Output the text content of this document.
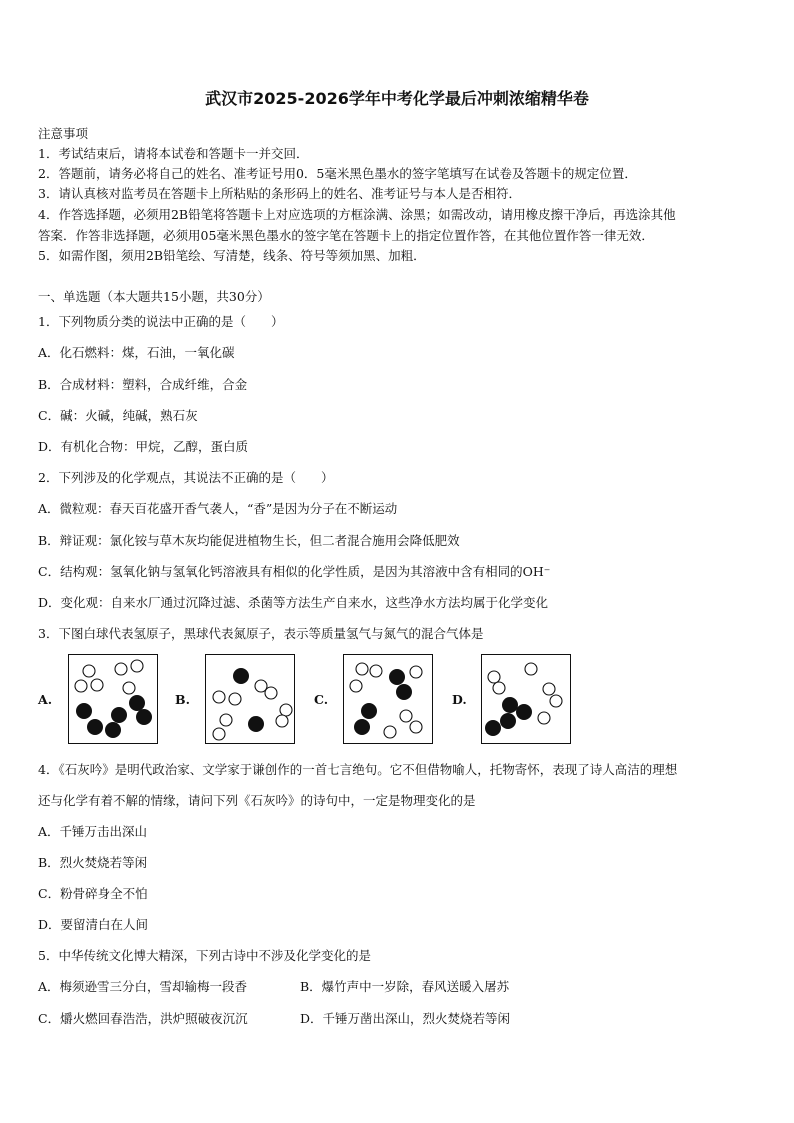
武汉市2025-2026学年中考化学最后冲刺浓缩精华卷
注意事项
1．考试结束后，请将本试卷和答题卡一并交回．
2．答题前，请务必将自己的姓名、准考证号用0．5毫米黑色墨水的签字笔填写在试卷及答题卡的规定位置．
3．请认真核对监考员在答题卡上所粘贴的条形码上的姓名、准考证号与本人是否相符．
4．作答选择题，必须用2B铅笔将答题卡上对应选项的方框涂满、涂黑；如需改动，请用橡皮擦干净后，再选涂其他
答案．作答非选择题，必须用05毫米黑色墨水的签字笔在答题卡上的指定位置作答，在其他位置作答一律无效．
5．如需作图，须用2B铅笔绘、写清楚，线条、符号等须加黑、加粗．
一、单选题（本大题共15小题，共30分）
1．下列物质分类的说法中正确的是（　　）
A．化石燃料：煤，石油，一氧化碳
B．合成材料：塑料，合成纤维，合金
C．碱：火碱，纯碱，熟石灰
D．有机化合物：甲烷，乙醇，蛋白质
2．下列涉及的化学观点，其说法不正确的是（　　）
A．微粒观：春天百花盛开香气袭人，“香”是因为分子在不断运动
B．辩证观：氯化铵与草木灰均能促进植物生长，但二者混合施用会降低肥效
C．结构观：氢氧化钠与氢氧化钙溶液具有相似的化学性质，是因为其溶液中含有相同的OH⁻
D．变化观：自来水厂通过沉降过滤、杀菌等方法生产自来水，这些净水方法均属于化学变化
3．下图白球代表氢原子，黑球代表氮原子，表示等质量氢气与氮气的混合气体是
A.	B.	C.	D.
4．《石灰吟》是明代政治家、文学家于谦创作的一首七言绝句。它不但借物喻人，托物寄怀，表现了诗人高洁的理想
还与化学有着不解的情缘，请问下列《石灰吟》的诗句中，一定是物理变化的是
A．千锤万击出深山
B．烈火焚烧若等闲
C．粉骨碎身全不怕
D．要留清白在人间
5．中华传统文化博大精深，下列古诗中不涉及化学变化的是
A．梅须逊雪三分白，雪却输梅一段香	B．爆竹声中一岁除，春风送暖入屠苏
C．爝火燃回春浩浩，洪炉照破夜沉沉	D．千锤万凿出深山，烈火焚烧若等闲
